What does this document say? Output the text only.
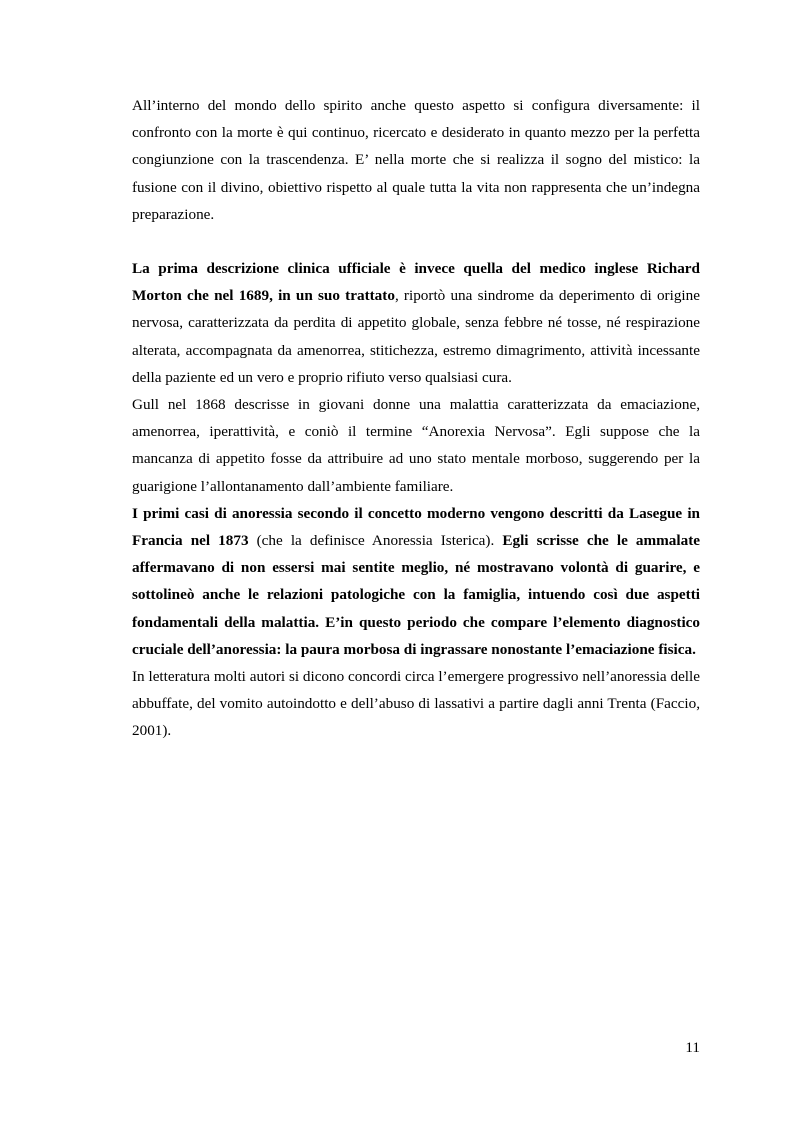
All’interno del mondo dello spirito anche questo aspetto si configura diversamente: il confronto con la morte è qui continuo, ricercato e desiderato in quanto mezzo per la perfetta congiunzione con la trascendenza. E’ nella morte che si realizza il sogno del mistico: la fusione con il divino, obiettivo rispetto al quale tutta la vita non rappresenta che un’indegna preparazione.

La prima descrizione clinica ufficiale è invece quella del medico inglese Richard Morton che nel 1689, in un suo trattato, riportò una sindrome da deperimento di origine nervosa, caratterizzata da perdita di appetito globale, senza febbre né tosse, né respirazione alterata, accompagnata da amenorrea, stitichezza, estremo dimagrimento, attività incessante della paziente ed un vero e proprio rifiuto verso qualsiasi cura.

Gull nel 1868 descrisse in giovani donne una malattia caratterizzata da emaciazione, amenorrea, iperattività, e coniò il termine “Anorexia Nervosa”. Egli suppose che la mancanza di appetito fosse da attribuire ad uno stato mentale morboso, suggerendo per la guarigione l’allontanamento dall’ambiente familiare.

I primi casi di anoressia secondo il concetto moderno vengono descritti da Lasegue in Francia nel 1873 (che la definisce Anoressia Isterica). Egli scrisse che le ammalate affermavano di non essersi mai sentite meglio, né mostravano volontà di guarire, e sottolineò anche le relazioni patologiche con la famiglia, intuendo così due aspetti fondamentali della malattia. E’in questo periodo che compare l’elemento diagnostico cruciale dell’anoressia: la paura morbosa di ingrassare nonostante l’emaciazione fisica.

In letteratura molti autori si dicono concordi circa l’emergere progressivo nell’anoressia delle abbuffate, del vomito autoindotto e dell’abuso di lassativi a partire dagli anni Trenta (Faccio, 2001).

11
